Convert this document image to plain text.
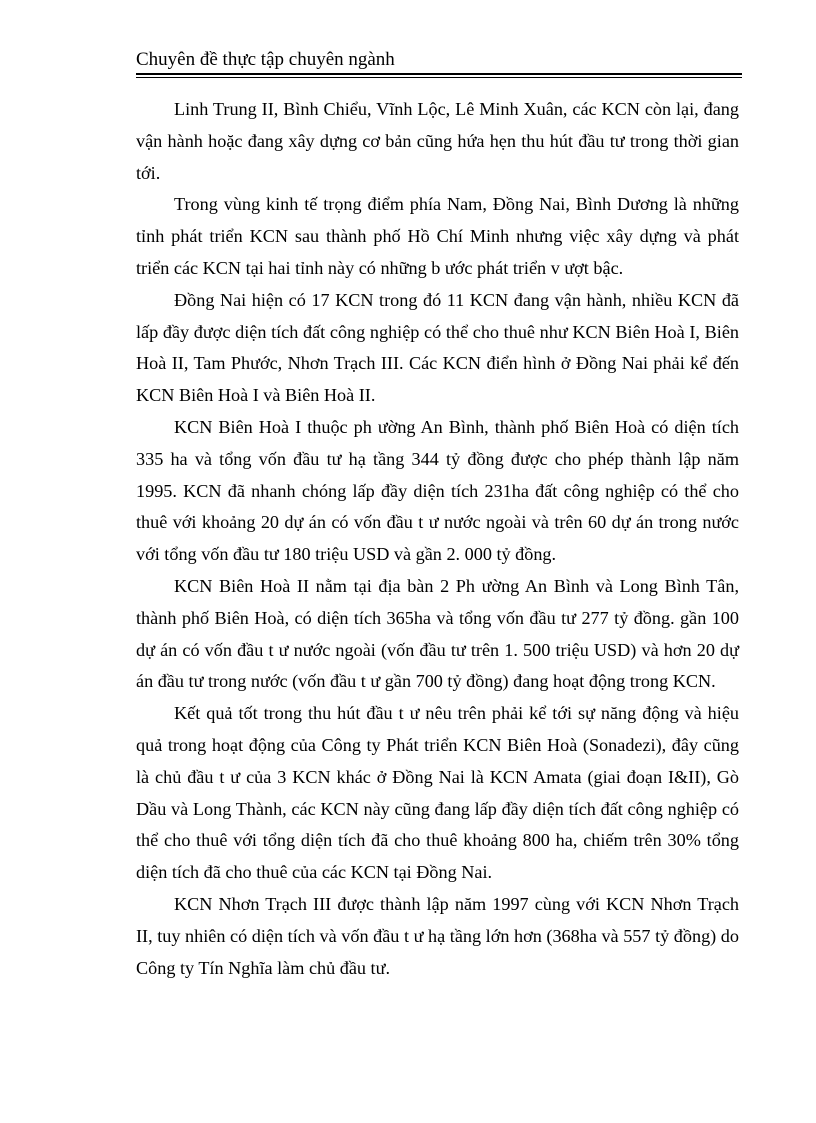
Chuyên đề thực tập chuyên ngành

Linh Trung II, Bình Chiểu, Vĩnh Lộc, Lê Minh Xuân, các KCN còn lại, đang vận hành hoặc đang xây dựng cơ bản cũng hứa hẹn thu hút đầu tư trong thời gian tới.

Trong vùng kinh tế trọng điểm phía Nam, Đồng Nai, Bình Dương là những tỉnh phát triển KCN sau thành phố Hồ Chí Minh nhưng việc xây dựng và phát triển các KCN tại hai tỉnh này có những b ước phát triển v ượt bậc.

Đồng Nai hiện có 17 KCN trong đó 11 KCN đang vận hành, nhiều KCN đã lấp đầy được diện tích đất công nghiệp có thể cho thuê như KCN Biên Hoà I, Biên Hoà II, Tam Phước, Nhơn Trạch III. Các KCN điển hình ở Đồng Nai phải kể đến KCN Biên Hoà I và Biên Hoà II.

KCN Biên Hoà I thuộc ph ường An Bình, thành phố Biên Hoà có diện tích 335 ha và tổng vốn đầu tư hạ tầng 344 tỷ đồng được cho phép thành lập năm 1995. KCN đã nhanh chóng lấp đầy diện tích 231ha đất công nghiệp có thể cho thuê với khoảng 20 dự án có vốn đầu t ư nước ngoài và trên 60 dự án trong nước với tổng vốn đầu tư 180 triệu USD và gần 2. 000 tỷ đồng.

KCN Biên Hoà II nằm tại địa bàn 2 Ph ường An Bình và Long Bình Tân, thành phố Biên Hoà, có diện tích 365ha và tổng vốn đầu tư 277 tỷ đồng. gần 100 dự án có vốn đầu t ư nước ngoài (vốn đầu tư trên 1. 500 triệu USD) và hơn 20 dự án đầu tư trong nước (vốn đầu t ư gần 700 tỷ đồng) đang hoạt động trong KCN.

Kết quả tốt trong thu hút đầu t ư nêu trên phải kể tới sự năng động và hiệu quả trong hoạt động của Công ty Phát triển KCN Biên Hoà (Sonadezi), đây cũng là chủ đầu t ư của 3 KCN khác ở Đồng Nai là KCN Amata (giai đoạn I&II), Gò Dầu và Long Thành, các KCN này cũng đang lấp đầy diện tích đất công nghiệp có thể cho thuê với tổng diện tích đã cho thuê khoảng 800 ha, chiếm trên 30% tổng diện tích đã cho thuê của các KCN tại Đồng Nai.

KCN Nhơn Trạch III được thành lập năm 1997 cùng với KCN Nhơn Trạch II, tuy nhiên có diện tích và vốn đầu t ư hạ tầng lớn hơn (368ha và 557 tỷ đồng) do Công ty Tín Nghĩa làm chủ đầu tư.
